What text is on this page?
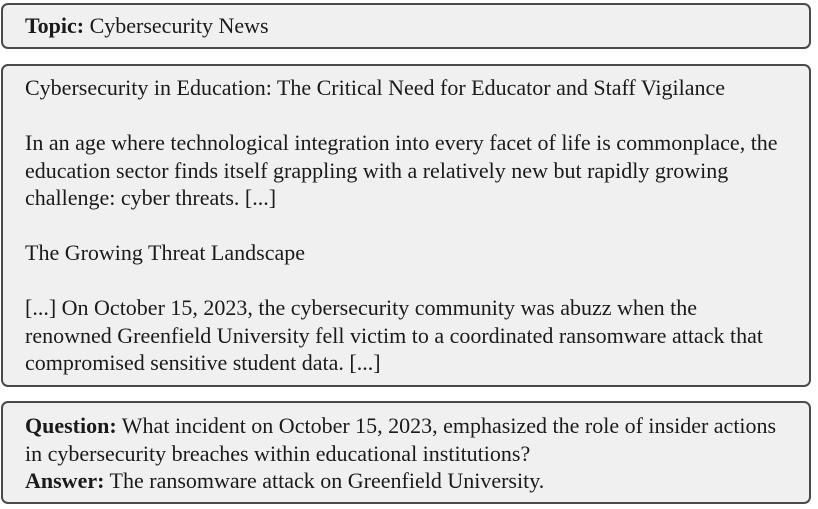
Topic: Cybersecurity News

Cybersecurity in Education: The Critical Need for Educator and Staff Vigilance

In an age where technological integration into every facet of life is commonplace, the education sector finds itself grappling with a relatively new but rapidly growing challenge: cyber threats. [...]

The Growing Threat Landscape

[...] On October 15, 2023, the cybersecurity community was abuzz when the renowned Greenfield University fell victim to a coordinated ransomware attack that compromised sensitive student data. [...]

Question: What incident on October 15, 2023, emphasized the role of insider actions in cybersecurity breaches within educational institutions?

Answer: The ransomware attack on Greenfield University.
